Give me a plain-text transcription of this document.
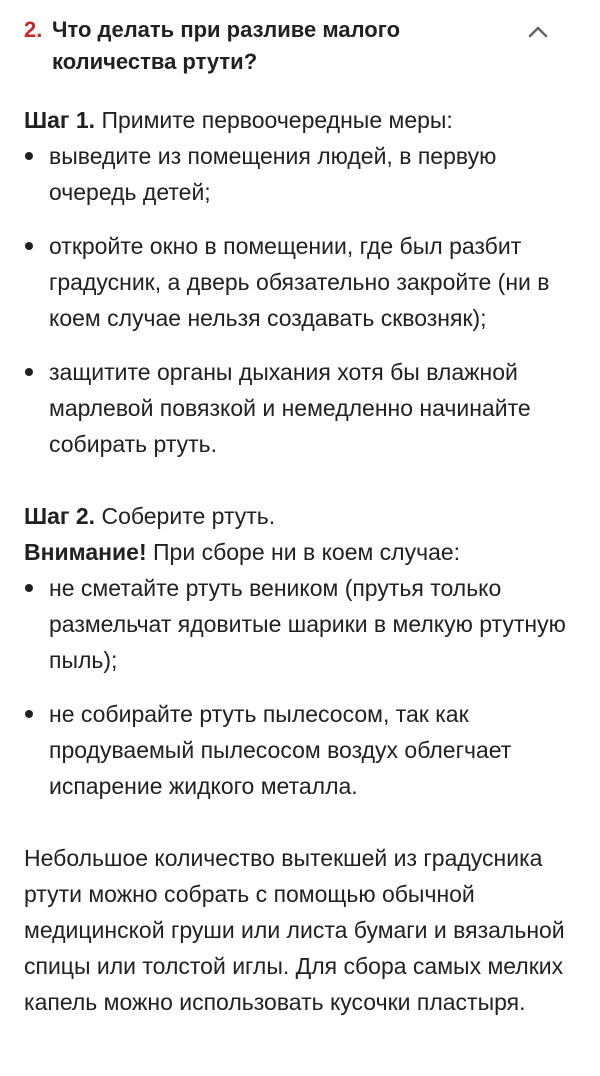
2. Что делать при разливе малого количества ртути?

Шаг 1. Примите первоочередные меры:

выведите из помещения людей, в первую очередь детей;
откройте окно в помещении, где был разбит градусник, а дверь обязательно закройте (ни в коем случае нельзя создавать сквозняк);
защитите органы дыхания хотя бы влажной марлевой повязкой и немедленно начинайте собирать ртуть.

Шаг 2. Соберите ртуть.

Внимание! При сборе ни в коем случае:

не сметайте ртуть веником (прутья только размельчат ядовитые шарики в мелкую ртутную пыль);
не собирайте ртуть пылесосом, так как продуваемый пылесосом воздух облегчает испарение жидкого металла.

Небольшое количество вытекшей из градусника ртути можно собрать с помощью обычной медицинской груши или листа бумаги и вязальной спицы или толстой иглы. Для сбора самых мелких капель можно использовать кусочки пластыря.
